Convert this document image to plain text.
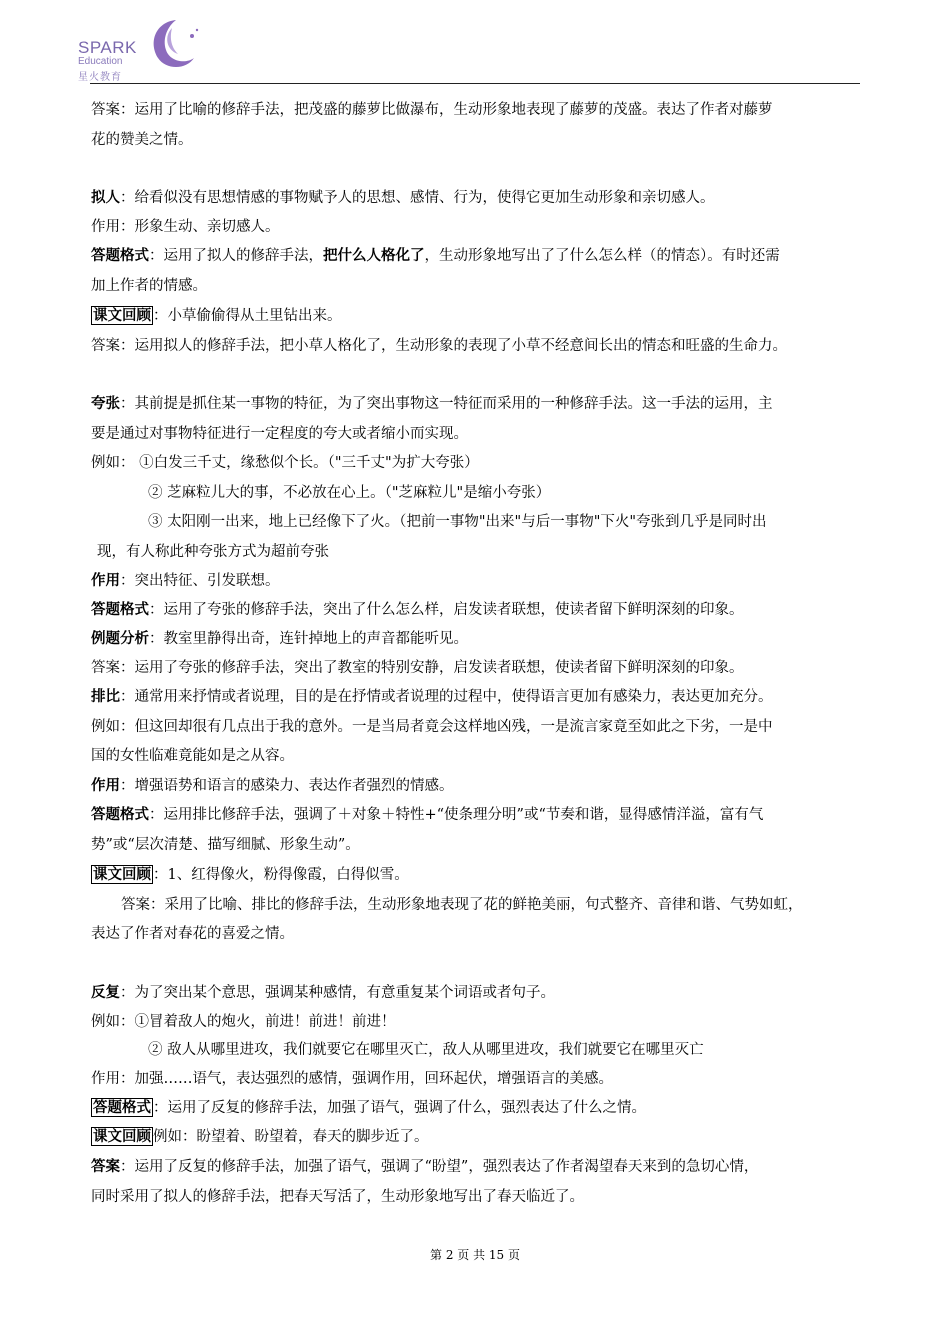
SPARK
Education
星火教育
答案：运用了比喻的修辞手法，把茂盛的藤萝比做瀑布，生动形象地表现了藤萝的茂盛。表达了作者对藤萝
花的赞美之情。
拟人：给看似没有思想情感的事物赋予人的思想、感情、行为，使得它更加生动形象和亲切感人。
作用：形象生动、亲切感人。
答题格式：运用了拟人的修辞手法，把什么人格化了，生动形象地写出了了什么怎么样（的情态）。有时还需
加上作者的情感。
课文回顾 ：小草偷偷得从土里钻出来。
答案：运用拟人的修辞手法，把小草人格化了，生动形象的表现了小草不经意间长出的情态和旺盛的生命力。
夸张：其前提是抓住某一事物的特征，为了突出事物这一特征而采用的一种修辞手法。这一手法的运用，主
要是通过对事物特征进行一定程度的夸大或者缩小而实现。
例如： ①白发三千丈，缘愁似个长。（"三千丈"为扩大夸张）
② 芝麻粒儿大的事，不必放在心上。（"芝麻粒儿"是缩小夸张）
③ 太阳刚一出来，地上已经像下了火。（把前一事物"出来"与后一事物"下火"夸张到几乎是同时出
现，有人称此种夸张方式为超前夸张
作用：突出特征、引发联想。
答题格式：运用了夸张的修辞手法，突出了什么怎么样，启发读者联想，使读者留下鲜明深刻的印象。
例题分析：教室里静得出奇，连针掉地上的声音都能听见。
答案：运用了夸张的修辞手法，突出了教室的特别安静，启发读者联想，使读者留下鲜明深刻的印象。
排比：通常用来抒情或者说理，目的是在抒情或者说理的过程中，使得语言更加有感染力，表达更加充分。
例如：但这回却很有几点出于我的意外。一是当局者竟会这样地凶残，一是流言家竟至如此之下劣，一是中
国的女性临难竟能如是之从容。
作用：增强语势和语言的感染力、表达作者强烈的情感。
答题格式：运用排比修辞手法，强调了＋对象＋特性+“使条理分明”或“节奏和谐，显得感情洋溢，富有气
势”或“层次清楚、描写细腻、形象生动”。
课文回顾 ：1、红得像火，粉得像霞，白得似雪。
答案：采用了比喻、排比的修辞手法，生动形象地表现了花的鲜艳美丽，句式整齐、音律和谐、气势如虹，
表达了作者对春花的喜爱之情。
反复：为了突出某个意思，强调某种感情，有意重复某个词语或者句子。
例如：①冒着敌人的炮火，前进！前进！前进！
② 敌人从哪里进攻，我们就要它在哪里灭亡，敌人从哪里进攻，我们就要它在哪里灭亡
作用：加强……语气，表达强烈的感情，强调作用，回环起伏，增强语言的美感。
答题格式 ：运用了反复的修辞手法，加强了语气，强调了什么，强烈表达了什么之情。
课文回顾 例如：盼望着、盼望着，春天的脚步近了。
答案：运用了反复的修辞手法，加强了语气，强调了“盼望”，强烈表达了作者渴望春天来到的急切心情，
同时采用了拟人的修辞手法，把春天写活了，生动形象地写出了春天临近了。
第 2 页 共 15 页
